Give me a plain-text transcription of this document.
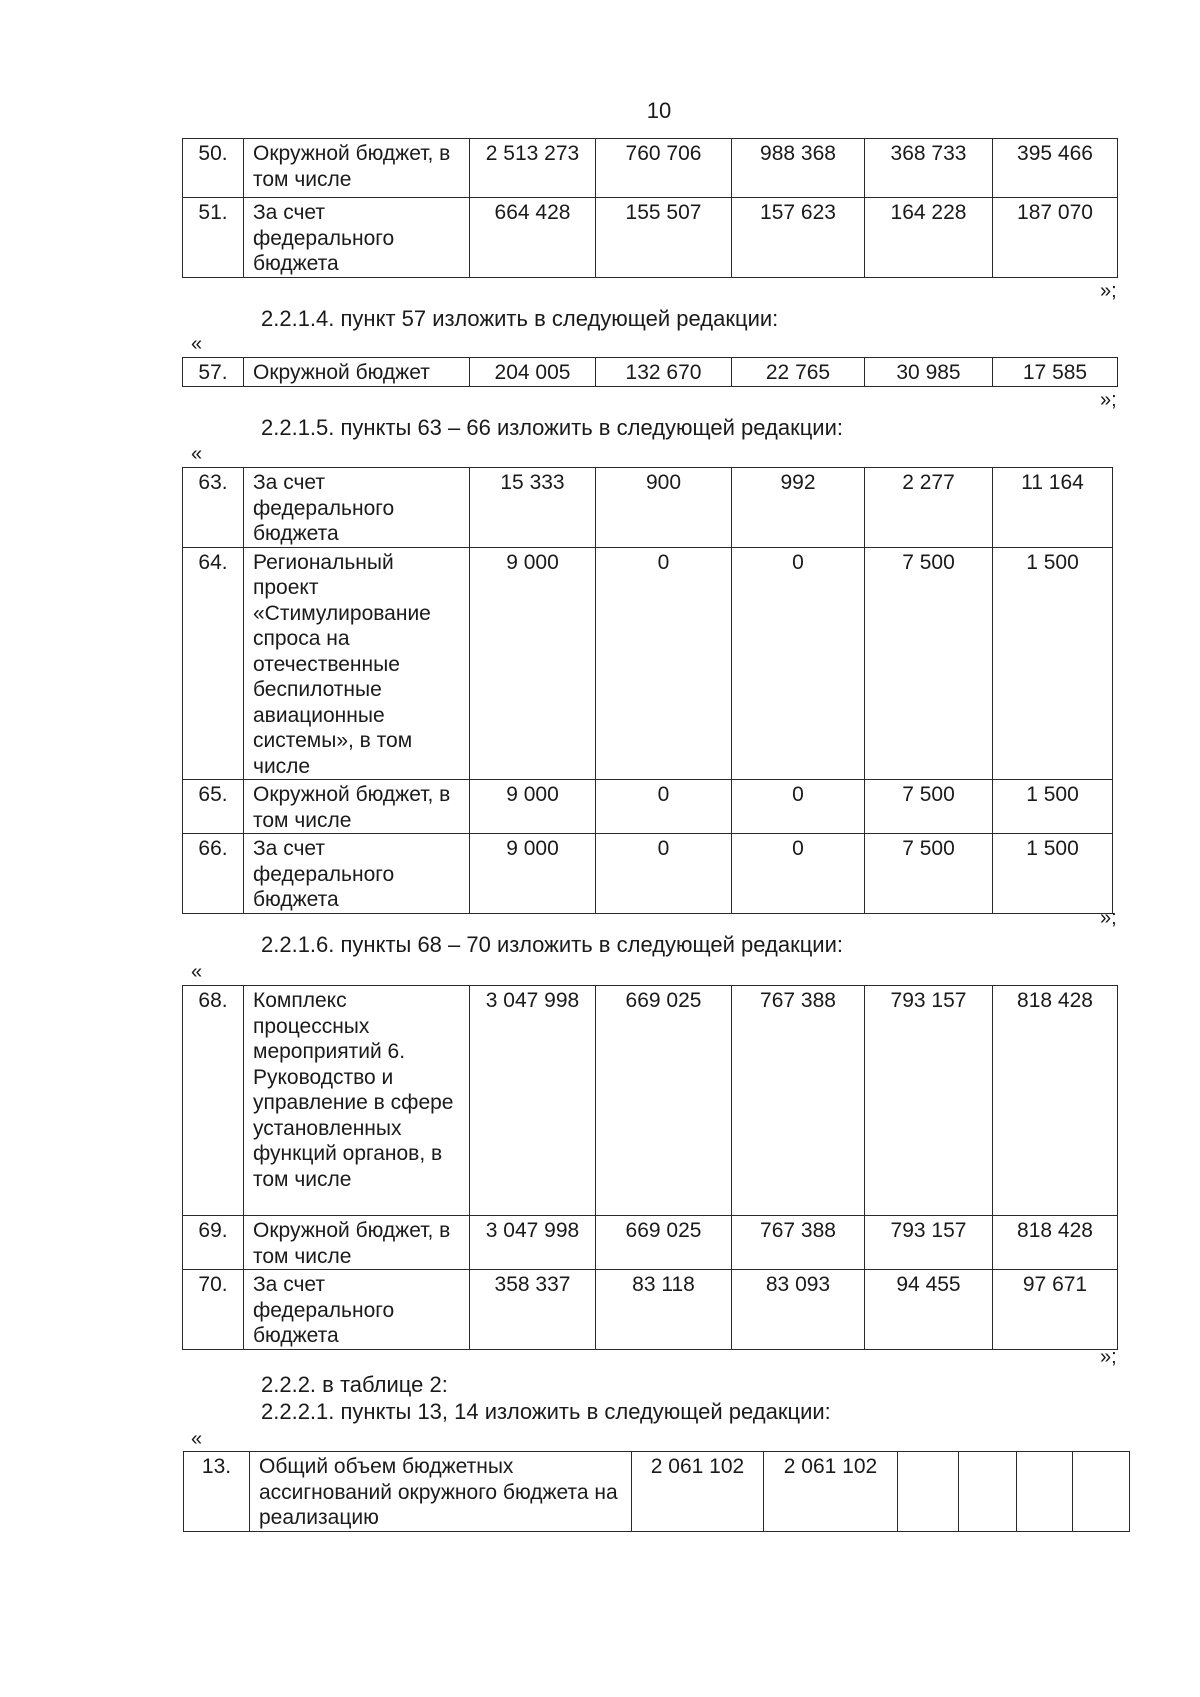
10
50.	Окружной бюджет, в том числе	2 513 273	760 706	988 368	368 733	395 466
51.	За счет федерального бюджета	664 428	155 507	157 623	164 228	187 070
»;
2.2.1.4. пункт 57 изложить в следующей редакции:
«
57.	Окружной бюджет	204 005	132 670	22 765	30 985	17 585
»;
2.2.1.5. пункты 63 – 66 изложить в следующей редакции:
«
63.	За счет федерального бюджета	15 333	900	992	2 277	11 164
64.	Региональный проект «Стимулирование спроса на отечественные беспилотные авиационные системы», в том числе	9 000	0	0	7 500	1 500
65.	Окружной бюджет, в том числе	9 000	0	0	7 500	1 500
66.	За счет федерального бюджета	9 000	0	0	7 500	1 500
»;
2.2.1.6. пункты 68 – 70 изложить в следующей редакции:
«
68.	Комплекс процессных мероприятий 6. Руководство и управление в сфере установленных функций органов, в том числе	3 047 998	669 025	767 388	793 157	818 428
69.	Окружной бюджет, в том числе	3 047 998	669 025	767 388	793 157	818 428
70.	За счет федерального бюджета	358 337	83 118	83 093	94 455	97 671
»;
2.2.2. в таблице 2:
2.2.2.1. пункты 13, 14 изложить в следующей редакции:
«
13.	Общий объем бюджетных ассигнований окружного бюджета на реализацию	2 061 102	2 061 102				
